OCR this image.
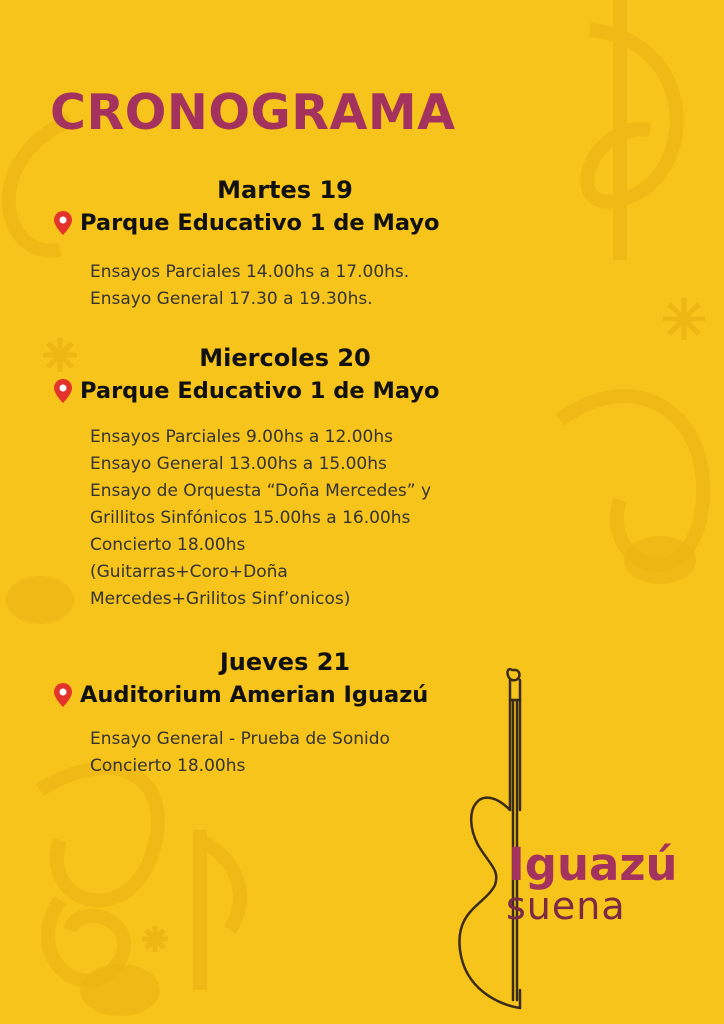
CRONOGRAMA
Martes 19
Parque Educativo 1 de Mayo
Ensayos Parciales 14.00hs a 17.00hs.
Ensayo General 17.30 a 19.30hs.
Miercoles 20
Parque Educativo 1 de Mayo
Ensayos Parciales 9.00hs a 12.00hs
Ensayo General 13.00hs a 15.00hs
Ensayo de Orquesta “Doña Mercedes” y
Grillitos Sinfónicos 15.00hs a 16.00hs
Concierto 18.00hs
(Guitarras+Coro+Doña
Mercedes+Grilitos Sinf’onicos)
Jueves 21
Auditorium Amerian Iguazú
Ensayo General - Prueba de Sonido
Concierto 18.00hs
Iguazú
suena
